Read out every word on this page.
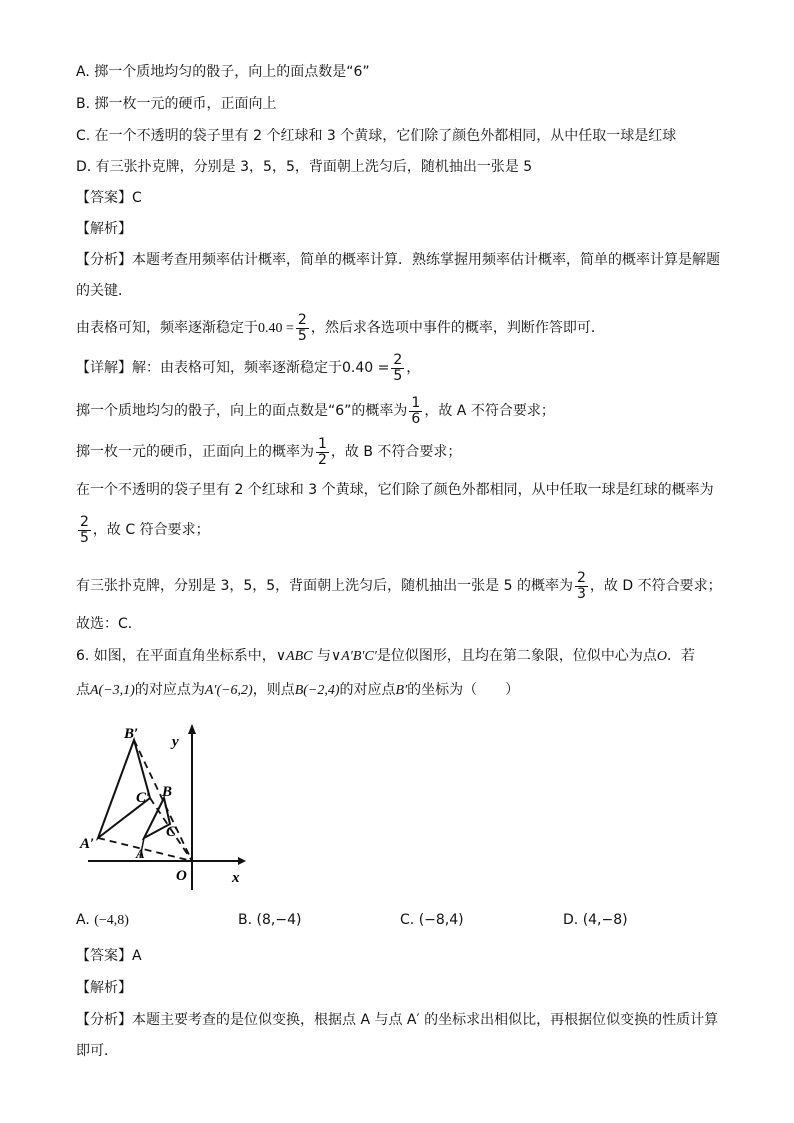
A. 掷一个质地均匀的骰子，向上的面点数是“6”
B. 掷一枚一元的硬币，正面向上
C. 在一个不透明的袋子里有 2 个红球和 3 个黄球，它们除了颜色外都相同，从中任取一球是红球
D. 有三张扑克牌，分别是 3，5，5，背面朝上洗匀后，随机抽出一张是 5
【答案】C
【解析】
【分析】本题考查用频率估计概率，简单的概率计算．熟练掌握用频率估计概率，简单的概率计算是解题
的关键．
由表格可知，频率逐渐稳定于$0.40 = \frac{2}{5}$ ，然后求各选项中事件的概率，判断作答即可．
【详解】解：由表格可知，频率逐渐稳定于$0.40 = \frac{2}{5}$ ，
掷一个质地均匀的骰子，向上的面点数是“6”的概率为 $\frac{1}{6}$ ，故 A 不符合要求；
掷一枚一元的硬币，正面向上的概率为 $\frac{1}{2}$ ，故 B 不符合要求；
在一个不透明的袋子里有 2 个红球和 3 个黄球，它们除了颜色外都相同，从中任取一球是红球的概率为
$\frac{2}{5}$ ，故 C 符合要求；
有三张扑克牌，分别是 3，5，5，背面朝上洗匀后，随机抽出一张是 5 的概率为 $\frac{2}{3}$ ，故 D 不符合要求；
故选：C．
6. 如图，在平面直角坐标系中，∨ABC 与∨A′B′C′是位似图形，且均在第二象限，位似中心为点O．若
点A(−3,1)的对应点为A′(−6,2)，则点B(−2,4)的对应点B′的坐标为（　　）
B′ y
C′ B
C
A′
A
O	x
A. (−4,8)	B. (8,−4)	C. (−8,4)	D. (4,−8)
【答案】A
【解析】
【分析】本题主要考查的是位似变换，根据点 A 与点 A′ 的坐标求出相似比，再根据位似变换的性质计算
即可．
